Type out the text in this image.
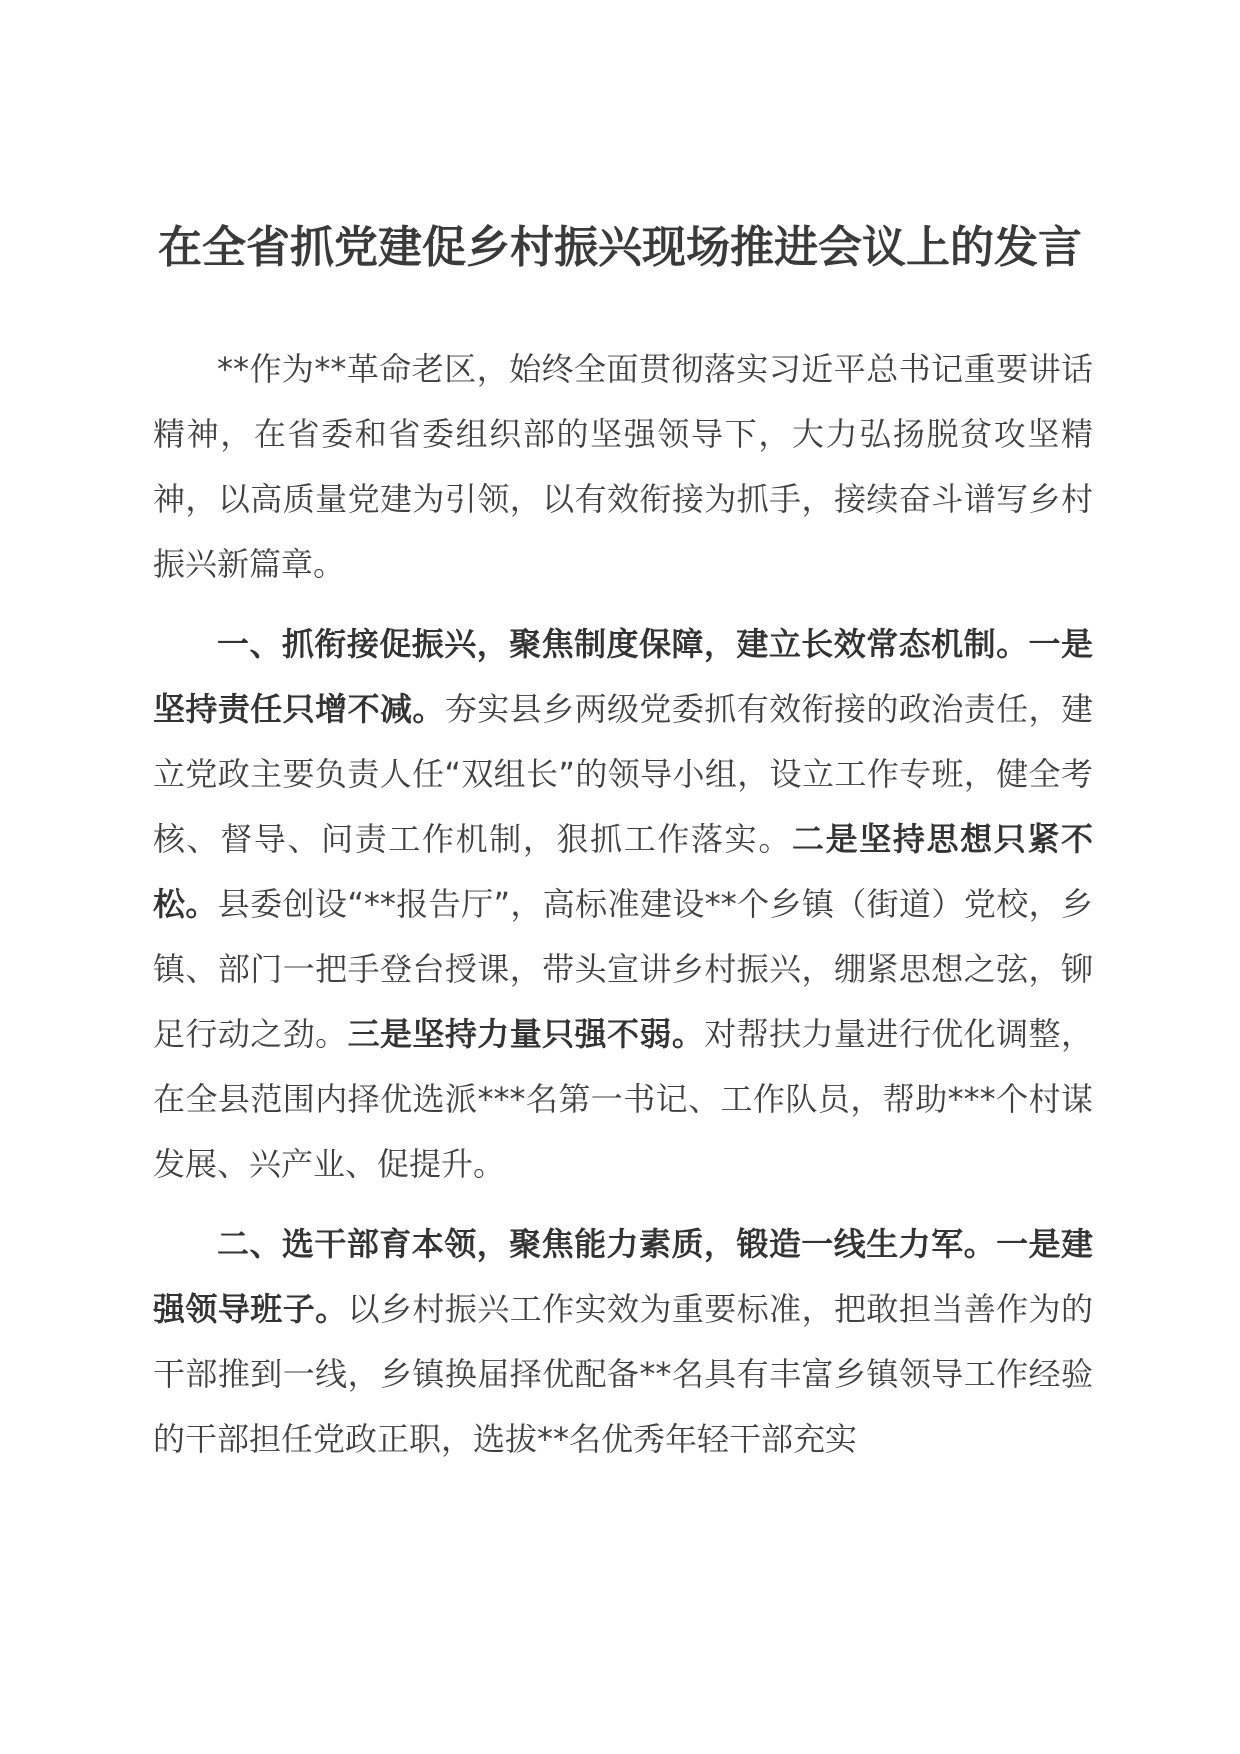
在全省抓党建促乡村振兴现场推进会议上的发言

**作为**革命老区，始终全面贯彻落实习近平总书记重要讲话精神，在省委和省委组织部的坚强领导下，大力弘扬脱贫攻坚精神，以高质量党建为引领，以有效衔接为抓手，接续奋斗谱写乡村振兴新篇章。

一、抓衔接促振兴，聚焦制度保障，建立长效常态机制。一是坚持责任只增不减。夯实县乡两级党委抓有效衔接的政治责任，建立党政主要负责人任“双组长”的领导小组，设立工作专班，健全考核、督导、问责工作机制，狠抓工作落实。二是坚持思想只紧不松。县委创设“**报告厅”，高标准建设**个乡镇（街道）党校，乡镇、部门一把手登台授课，带头宣讲乡村振兴，绷紧思想之弦，铆足行动之劲。三是坚持力量只强不弱。对帮扶力量进行优化调整，在全县范围内择优选派***名第一书记、工作队员，帮助***个村谋发展、兴产业、促提升。

二、选干部育本领，聚焦能力素质，锻造一线生力军。一是建强领导班子。以乡村振兴工作实效为重要标准，把敢担当善作为的干部推到一线，乡镇换届择优配备**名具有丰富乡镇领导工作经验的干部担任党政正职，选拔**名优秀年轻干部充实
